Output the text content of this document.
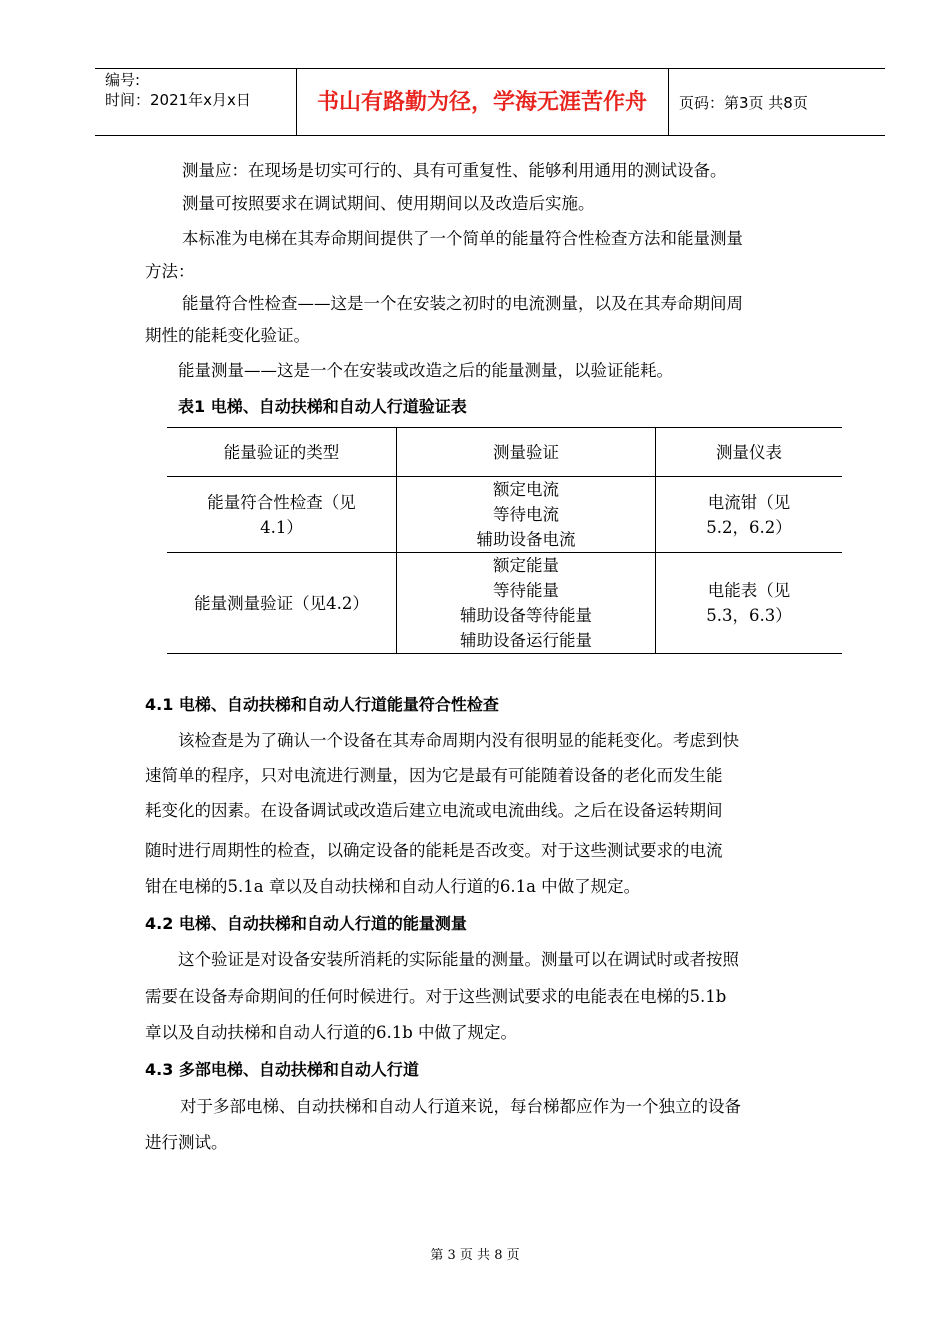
编号:
时间：2021年x月x日	书山有路勤为径，学海无涯苦作舟	页码：第3页 共8页
测量应：在现场是切实可行的、具有可重复性、能够利用通用的测试设备。
测量可按照要求在调试期间、使用期间以及改造后实施。
本标准为电梯在其寿命期间提供了一个简单的能量符合性检查方法和能量测量
方法：
能量符合性检查——这是一个在安装之初时的电流测量，以及在其寿命期间周
期性的能耗变化验证。
能量测量——这是一个在安装或改造之后的能量测量，以验证能耗。
表1 电梯、自动扶梯和自动人行道验证表
能量验证的类型	测量验证	测量仪表

能量符合性检查（见
4.1）	额定电流
等待电流
辅助设备电流	电流钳（见
5.2，6.2）

能量测量验证（见4.2）	额定能量
等待能量
辅助设备等待能量
辅助设备运行能量	电能表（见
5.3，6.3）
4.1 电梯、自动扶梯和自动人行道能量符合性检查
该检查是为了确认一个设备在其寿命周期内没有很明显的能耗变化。考虑到快
速简单的程序，只对电流进行测量，因为它是最有可能随着设备的老化而发生能
耗变化的因素。在设备调试或改造后建立电流或电流曲线。之后在设备运转期间
随时进行周期性的检查，以确定设备的能耗是否改变。对于这些测试要求的电流
钳在电梯的5.1a 章以及自动扶梯和自动人行道的6.1a 中做了规定。
4.2 电梯、自动扶梯和自动人行道的能量测量
这个验证是对设备安装所消耗的实际能量的测量。测量可以在调试时或者按照
需要在设备寿命期间的任何时候进行。对于这些测试要求的电能表在电梯的5.1b
章以及自动扶梯和自动人行道的6.1b 中做了规定。
4.3 多部电梯、自动扶梯和自动人行道
对于多部电梯、自动扶梯和自动人行道来说，每台梯都应作为一个独立的设备
进行测试。
第 3 页 共 8 页
